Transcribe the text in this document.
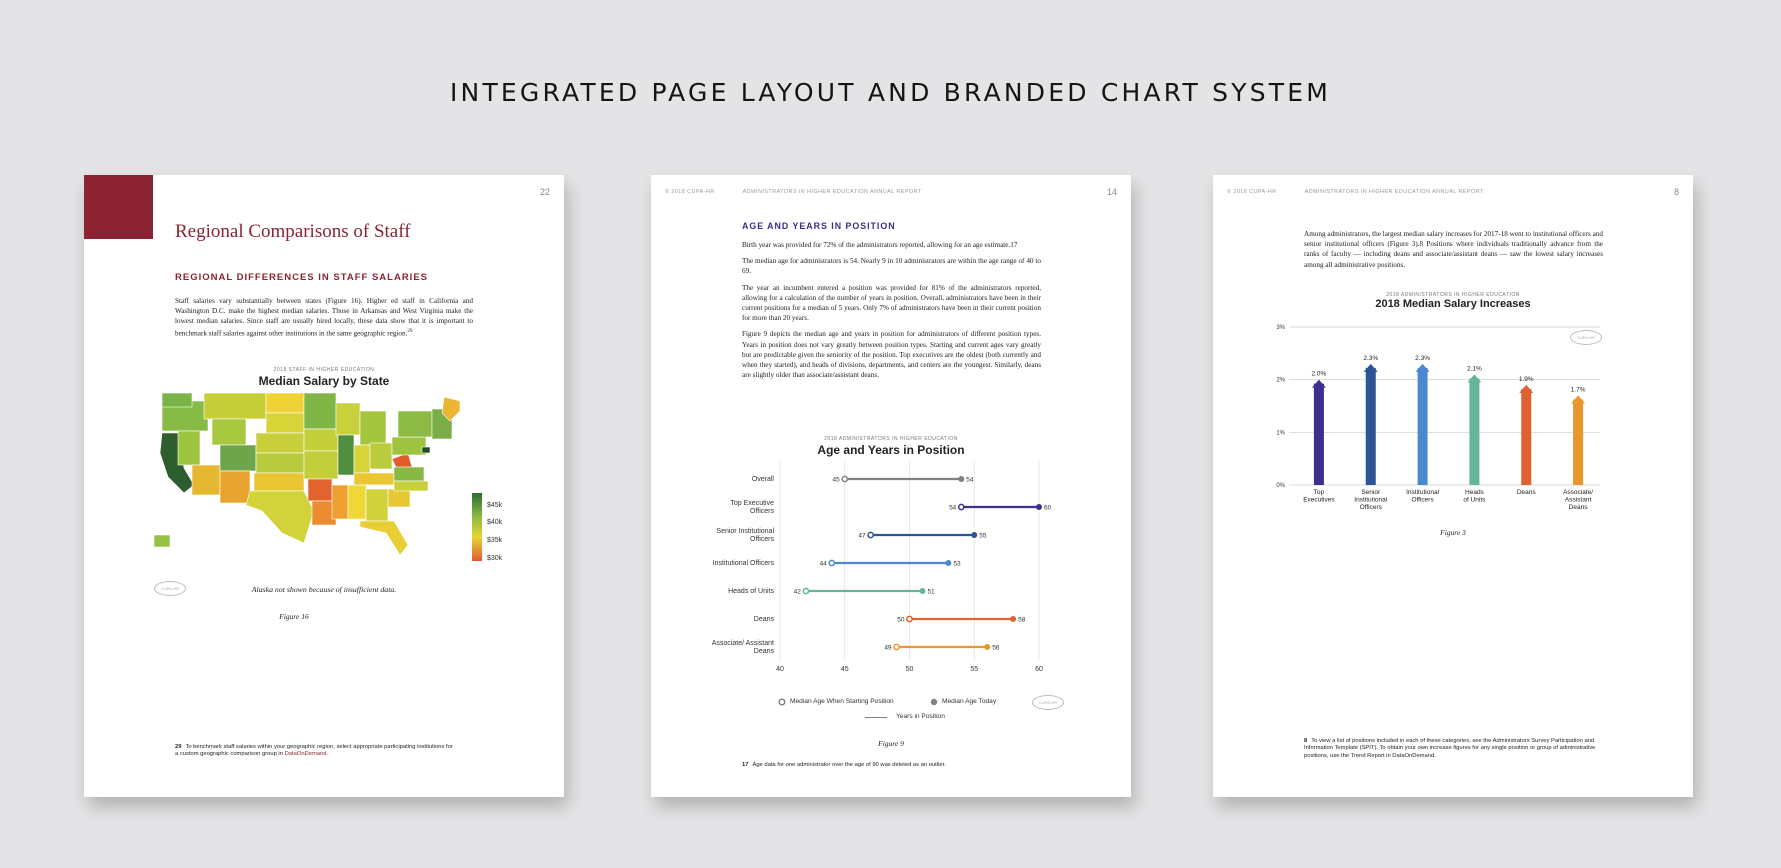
INTEGRATED PAGE LAYOUT AND BRANDED CHART SYSTEM
22
Regional Comparisons of Staff
REGIONAL DIFFERENCES IN STAFF SALARIES
Staff salaries vary substantially between states (Figure 16). Higher ed staff in California and Washington D.C. make the highest median salaries. Those in Arkansas and West Virginia make the lowest median salaries. Since staff are usually hired locally, these data show that it is important to benchmark staff salaries against other institutions in the same geographic region.$^{29}$
2018 STAFF IN HIGHER EDUCATION
Median Salary by State
$45k
$40k
$35k
$30k
CUPA-HR	Alaska not shown because of insufficient data.
Figure 16
29 To benchmark staff salaries within your geographic region, select appropriate participating institutions for a custom geographic comparison group in DataOnDemand.
© 2018 CUPA-HR	ADMINISTRATORS IN HIGHER EDUCATION ANNUAL REPORT	14
AGE AND YEARS IN POSITION

Birth year was provided for 72% of the administrators reported, allowing for an age estimate.17

The median age for administrators is 54. Nearly 9 in 10 administrators are within the age range of 40 to 69.

The year an incumbent entered a position was provided for 81% of the administrators reported, allowing for a calculation of the number of years in position. Overall, administrators have been in their current positions for a median of 5 years. Only 7% of administrators have been in their current position for more than 20 years.

Figure 9 depicts the median age and years in position for administrators of different position types. Years in position does not vary greatly between position types. Starting and current ages vary greatly but are predictable given the seniority of the position. Top executives are the oldest (both currently and when they started), and heads of divisions, departments, and centers are the youngest. Similarly, deans are slightly older than associate/assistant deans.

2018 ADMINISTRATORS IN HIGHER EDUCATION
Age and Years in Position
40	45	50	55	60
Overall	45	54
Top Executive Officers	54	60
Senior Institutional Officers	47	55
Institutional Officers	44	53
Heads of Units	42	51
Deans	50	58
Associate/ Assistant Deans	49	56
Median Age When Starting Position	Median Age Today
Years in Position
CUPA-HR
Figure 9
17 Age data for one administrator over the age of 90 was deleted as an outlier.
© 2018 CUPA-HR	ADMINISTRATORS IN HIGHER EDUCATION ANNUAL REPORT	8
Among administrators, the largest median salary increases for 2017-18 went to institutional officers and senior institutional officers (Figure 3).8 Positions where individuals traditionally advance from the ranks of faculty — including deans and associate/assistant deans — saw the lowest salary increases among all administrative positions.
2018 ADMINISTRATORS IN HIGHER EDUCATION
2018 Median Salary Increases
CUPA-HR
0%
1%
2%
3%
2.0%
Top Executives
2.3%
Senior Institutional Officers
2.3%
Institutional Officers
2.1%
Heads of Units
1.9%
Deans
1.7%
Associate/ Assistant Deans
Figure 3
8 To view a list of positions included in each of these categories, see the Administrators Survey Participation and Information Template (SPIT). To obtain your own increase figures for any single position or group of administrative positions, use the Trend Report in DataOnDemand.
